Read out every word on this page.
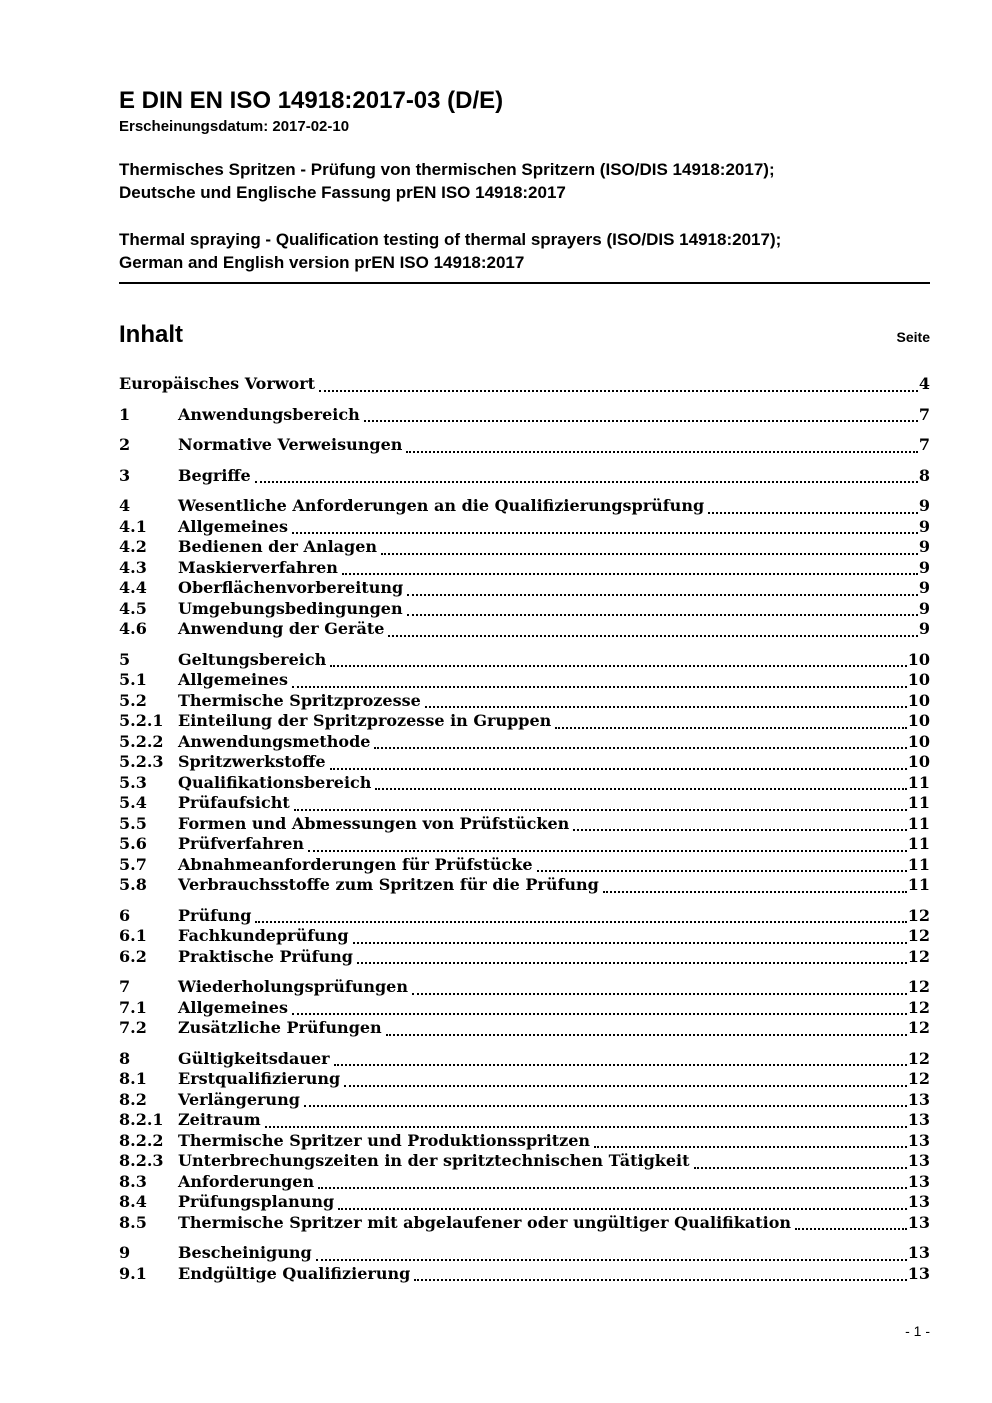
E DIN EN ISO 14918:2017-03 (D/E)
Erscheinungsdatum: 2017-02-10
Thermisches Spritzen - Prüfung von thermischen Spritzern (ISO/DIS 14918:2017);
Deutsche und Englische Fassung prEN ISO 14918:2017
Thermal spraying - Qualification testing of thermal sprayers (ISO/DIS 14918:2017);
German and English version prEN ISO 14918:2017
Inhalt	Seite
Europäisches Vorwort	4
1	Anwendungsbereich	7
2	Normative Verweisungen	7
3	Begriffe	8
4	Wesentliche Anforderungen an die Qualifizierungsprüfung	9
4.1	Allgemeines	9
4.2	Bedienen der Anlagen	9
4.3	Maskierverfahren	9
4.4	Oberflächenvorbereitung	9
4.5	Umgebungsbedingungen	9
4.6	Anwendung der Geräte	9
5	Geltungsbereich	10
5.1	Allgemeines	10
5.2	Thermische Spritzprozesse	10
5.2.1 Einteilung der Spritzprozesse in Gruppen	10
5.2.2 Anwendungsmethode	10
5.2.3 Spritzwerkstoffe	10
5.3	Qualifikationsbereich	11
5.4	Prüfaufsicht	11
5.5	Formen und Abmessungen von Prüfstücken	11
5.6	Prüfverfahren	11
5.7	Abnahmeanforderungen für Prüfstücke	11
5.8	Verbrauchsstoffe zum Spritzen für die Prüfung	11
6	Prüfung	12
6.1	Fachkundeprüfung	12
6.2	Praktische Prüfung	12
7	Wiederholungsprüfungen	12
7.1	Allgemeines	12
7.2	Zusätzliche Prüfungen	12
8	Gültigkeitsdauer	12
8.1	Erstqualifizierung	12
8.2	Verlängerung	13
8.2.1 Zeitraum	13
8.2.2 Thermische Spritzer und Produktionsspritzen	13
8.2.3 Unterbrechungszeiten in der spritztechnischen Tätigkeit	13
8.3	Anforderungen	13
8.4	Prüfungsplanung	13
8.5	Thermische Spritzer mit abgelaufener oder ungültiger Qualifikation	13
9	Bescheinigung	13
9.1	Endgültige Qualifizierung	13
- 1 -
